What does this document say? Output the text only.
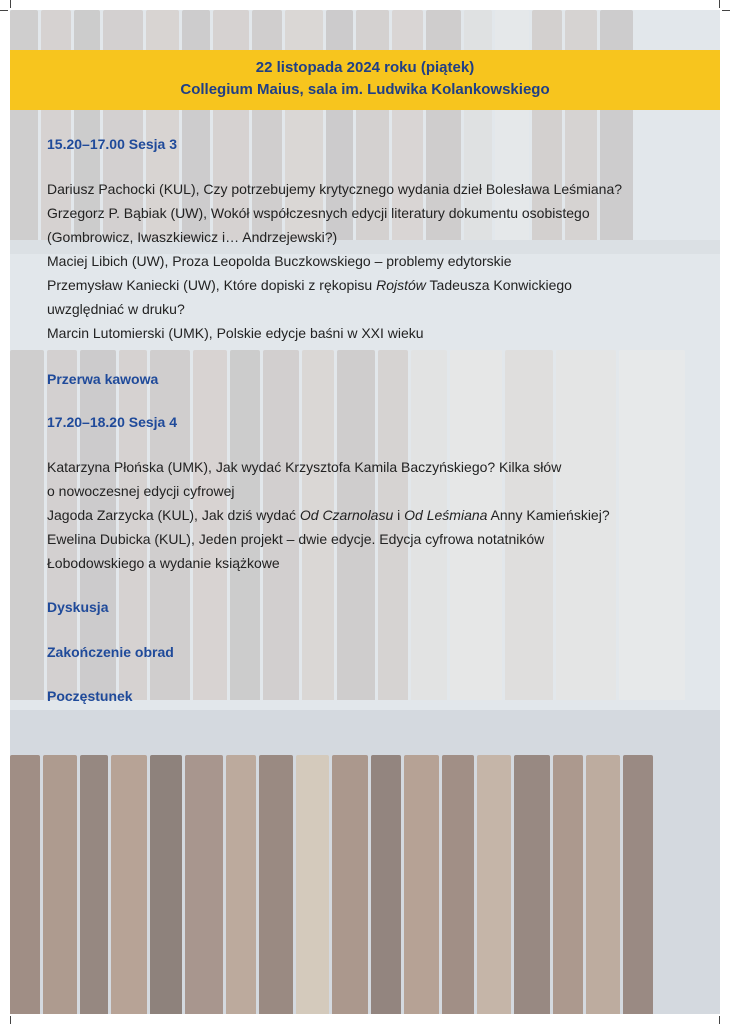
22 listopada 2024 roku (piątek)
Collegium Maius, sala im. Ludwika Kolankowskiego
15.20–17.00 Sesja 3

Dariusz Pachocki (KUL), Czy potrzebujemy krytycznego wydania dzieł Bolesława Leśmiana?

Grzegorz P. Bąbiak (UW), Wokół współczesnych edycji literatury dokumentu osobistego

(Gombrowicz, Iwaszkiewicz i… Andrzejewski?)

Maciej Libich (UW), Proza Leopolda Buczkowskiego – problemy edytorskie

Przemysław Kaniecki (UW), Które dopiski z rękopisu Rojstów Tadeusza Konwickiego

uwzględniać w druku?

Marcin Lutomierski (UMK), Polskie edycje baśni w XXI wieku

Przerwa kawowa
17.20–18.20 Sesja 4

Katarzyna Płońska (UMK), Jak wydać Krzysztofa Kamila Baczyńskiego? Kilka słów

o nowoczesnej edycji cyfrowej

Jagoda Zarzycka (KUL), Jak dziś wydać Od Czarnolasu i Od Leśmiana Anny Kamieńskiej?

Ewelina Dubicka (KUL), Jeden projekt – dwie edycje. Edycja cyfrowa notatników

Łobodowskiego a wydanie książkowe

Dyskusja
Zakończenie obrad
Poczęstunek
